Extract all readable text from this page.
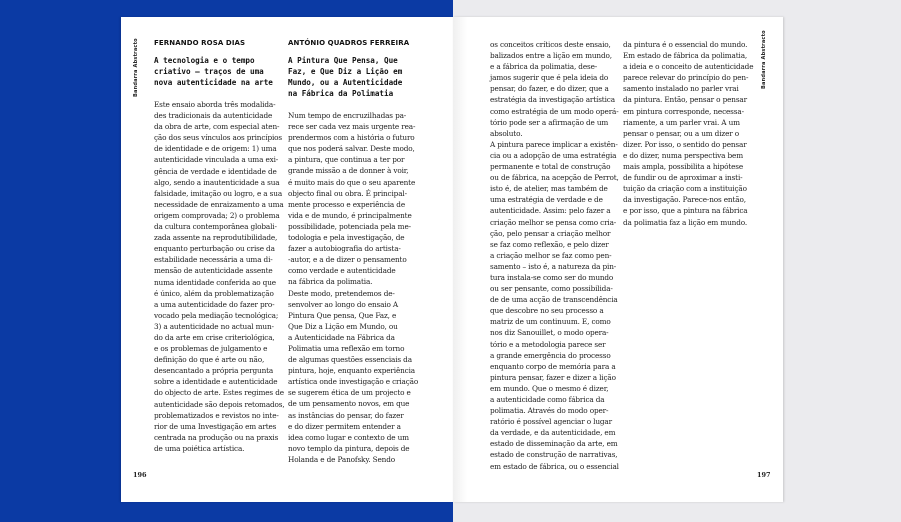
Bandarra Abstracto FERNANDO ROSA DIAS
A tecnologia e o tempo
criativo – traços de uma
nova autenticidade na arte
Este ensaio aborda três modalida-
des tradicionais da autenticidade
da obra de arte, com especial aten-
ção dos seus vínculos aos princípios
de identidade e de origem: 1) uma
autenticidade vinculada a uma exi-
gência de verdade e identidade de
algo, sendo a inautenticidade a sua
falsidade, imitação ou logro, e a sua
necessidade de enraizamento a uma
origem comprovada; 2) o problema
da cultura contemporânea globali-
zada assente na reprodutibilidade,
enquanto perturbação ou crise da
estabilidade necessária a uma di-
mensão de autenticidade assente
numa identidade conferida ao que
é único, além da problematização
a uma autenticidade do fazer pro-
vocado pela mediação tecnológica;
3) a autenticidade no actual mun-
do da arte em crise criteriológica,
e os problemas de julgamento e
definição do que é arte ou não,
desencantado a própria pergunta
sobre a identidade e autenticidade
do objecto de arte. Estes regimes de
autenticidade são depois retomados,
problematizados e revistos no inte-
rior de uma Investigação em artes
centrada na produção ou na praxis
de uma poiética artística.
ANTÓNIO QUADROS FERREIRA
A Pintura Que Pensa, Que
Faz, e Que Diz a Lição em
Mundo, ou a Autenticidade
na Fábrica da Polimatia
Num tempo de encruzilhadas pa-
rece ser cada vez mais urgente rea-
prendermos com a história o futuro
que nos poderá salvar. Deste modo,
a pintura, que continua a ter por
grande missão a de donner à voir,
é muito mais do que o seu aparente
objecto final ou obra. É principal-
mente processo e experiência de
vida e de mundo, é principalmente
possibilidade, potenciada pela me-
todologia e pela investigação, de
fazer a autobiografia do artista-
-autor, e a de dizer o pensamento
como verdade e autenticidade
na fábrica da polimatia.
Deste modo, pretendemos de-
senvolver ao longo do ensaio A
Pintura Que pensa, Que Faz, e
Que Diz a Lição em Mundo, ou
a Autenticidade na Fábrica da
Polimatia uma reflexão em torno
de algumas questões essenciais da
pintura, hoje, enquanto experiência
artística onde investigação e criação
se sugerem ética de um projecto e
de um pensamento novos, em que
as instâncias do pensar, do fazer
e do dizer permitem entender a
idea como lugar e contexto de um
novo templo da pintura, depois de
Holanda e de Panofsky. Sendo
196
os conceitos críticos deste ensaio,
balizados entre a lição em mundo,
e a fábrica da polimatia, dese-
jamos sugerir que é pela ideia do
pensar, do fazer, e do dizer, que a
estratégia da investigação artística
como estratégia de um modo operá-
tório pode ser a afirmação de um
absoluto.
A pintura parece implicar a existên-
cia ou a adopção de uma estratégia
permanente e total de construção
ou de fábrica, na acepção de Perrot,
isto é, de atelier, mas também de
uma estratégia de verdade e de
autenticidade. Assim: pelo fazer a
criação melhor se pensa como cria-
ção, pelo pensar a criação melhor
se faz como reflexão, e pelo dizer
a criação melhor se faz como pen-
samento – isto é, a natureza da pin-
tura instala-se como ser do mundo
ou ser pensante, como possibilida-
de de uma acção de transcendência
que descobre no seu processo a
matriz de um continuum. E, como
nos diz Sanouillet, o modo opera-
tório e a metodologia parece ser
a grande emergência do processo
enquanto corpo de memória para a
pintura pensar, fazer e dizer a lição
em mundo. Que o mesmo é dizer,
a autenticidade como fábrica da
polimatia. Através do modo oper-
ratório é possível agenciar o lugar
da verdade, e da autenticidade, em
estado de disseminação da arte, em
estado de construção de narrativas,
em estado de fábrica, ou o essencial
da pintura é o essencial do mundo.
Em estado de fábrica da polimatia,
a ideia e o conceito de autenticidade
parece relevar do princípio do pen-
samento instalado no parler vrai
da pintura. Então, pensar o pensar
em pintura corresponde, necessa-
riamente, a um parler vrai. A um
pensar o pensar, ou a um dizer o
dizer. Por isso, o sentido do pensar
e do dizer, numa perspectiva bem
mais ampla, possibilita a hipótese
de fundir ou de aproximar a insti-
tuição da criação com a instituição
da investigação. Parece-nos então,
e por isso, que a pintura na fábrica
da polimatia faz a lição em mundo.
Bandarra Abstracto
197
